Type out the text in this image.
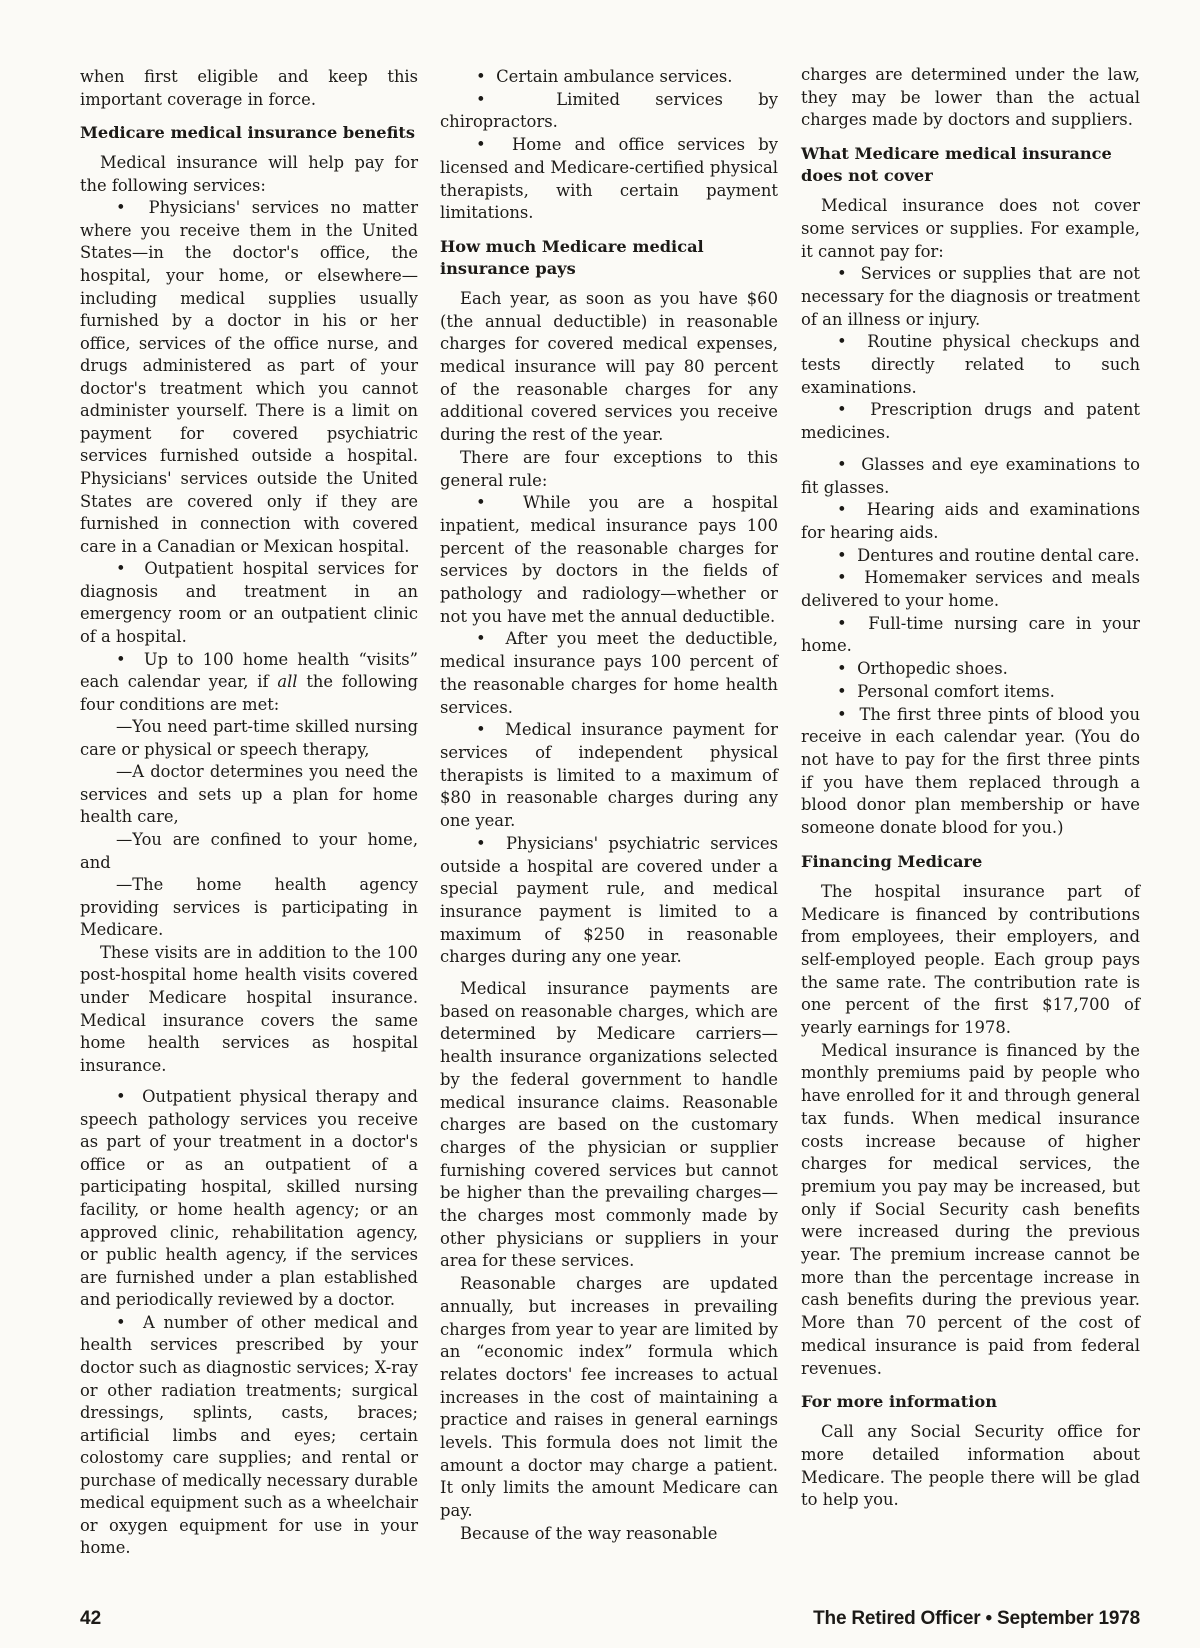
when first eligible and keep this important coverage in force.

Medicare medical insurance benefits

Medical insurance will help pay for the following services:

•  Physicians' services no matter where you receive them in the United States—in the doctor's office, the hospital, your home, or elsewhere—including medical supplies usually furnished by a doctor in his or her office, services of the office nurse, and drugs administered as part of your doctor's treatment which you cannot administer yourself. There is a limit on payment for covered psychiatric services furnished outside a hospital. Physicians' services outside the United States are covered only if they are furnished in connection with covered care in a Canadian or Mexican hospital.

•  Outpatient hospital services for diagnosis and treatment in an emergency room or an outpatient clinic of a hospital.

•  Up to 100 home health “visits” each calendar year, if all the following four conditions are met:

—You need part-time skilled nursing care or physical or speech therapy,

—A doctor determines you need the services and sets up a plan for home health care,

—You are confined to your home, and

—The home health agency providing services is participating in Medicare.

These visits are in addition to the 100 post-hospital home health visits covered under Medicare hospital insurance. Medical insurance covers the same home health services as hospital insurance.

•  Outpatient physical therapy and speech pathology services you receive as part of your treatment in a doctor's office or as an outpatient of a participating hospital, skilled nursing facility, or home health agency; or an approved clinic, rehabilitation agency, or public health agency, if the services are furnished under a plan established and periodically reviewed by a doctor.

•  A number of other medical and health services prescribed by your doctor such as diagnostic services; X-ray or other radiation treatments; surgical dressings, splints, casts, braces; artificial limbs and eyes; certain colostomy care supplies; and rental or purchase of medically necessary durable medical equipment such as a wheelchair or oxygen equipment for use in your home.

•  Certain ambulance services.

•  Limited services by chiropractors.

•  Home and office services by licensed and Medicare-certified physical therapists, with certain payment limitations.

How much Medicare medical insurance pays

Each year, as soon as you have $60 (the annual deductible) in reasonable charges for covered medical expenses, medical insurance will pay 80 percent of the reasonable charges for any additional covered services you receive during the rest of the year.

There are four exceptions to this general rule:

•  While you are a hospital inpatient, medical insurance pays 100 percent of the reasonable charges for services by doctors in the fields of pathology and radiology—whether or not you have met the annual deductible.

•  After you meet the deductible, medical insurance pays 100 percent of the reasonable charges for home health services.

•  Medical insurance payment for services of independent physical therapists is limited to a maximum of $80 in reasonable charges during any one year.

•  Physicians' psychiatric services outside a hospital are covered under a special payment rule, and medical insurance payment is limited to a maximum of $250 in reasonable charges during any one year.

Medical insurance payments are based on reasonable charges, which are determined by Medicare carriers—health insurance organizations selected by the federal government to handle medical insurance claims. Reasonable charges are based on the customary charges of the physician or supplier furnishing covered services but cannot be higher than the prevailing charges—the charges most commonly made by other physicians or suppliers in your area for these services.

Reasonable charges are updated annually, but increases in prevailing charges from year to year are limited by an “economic index” formula which relates doctors' fee increases to actual increases in the cost of maintaining a practice and raises in general earnings levels. This formula does not limit the amount a doctor may charge a patient. It only limits the amount Medicare can pay.

Because of the way reasonable

charges are determined under the law, they may be lower than the actual charges made by doctors and suppliers.

What Medicare medical insurance does not cover

Medical insurance does not cover some services or supplies. For example, it cannot pay for:

•  Services or supplies that are not necessary for the diagnosis or treatment of an illness or injury.

•  Routine physical checkups and tests directly related to such examinations.

•  Prescription drugs and patent medicines.

•  Glasses and eye examinations to fit glasses.

•  Hearing aids and examinations for hearing aids.

•  Dentures and routine dental care.

•  Homemaker services and meals delivered to your home.

•  Full-time nursing care in your home.

•  Orthopedic shoes.

•  Personal comfort items.

•  The first three pints of blood you receive in each calendar year. (You do not have to pay for the first three pints if you have them replaced through a blood donor plan membership or have someone donate blood for you.)

Financing Medicare

The hospital insurance part of Medicare is financed by contributions from employees, their employers, and self-employed people. Each group pays the same rate. The contribution rate is one percent of the first $17,700 of yearly earnings for 1978.

Medical insurance is financed by the monthly premiums paid by people who have enrolled for it and through general tax funds. When medical insurance costs increase because of higher charges for medical services, the premium you pay may be increased, but only if Social Security cash benefits were increased during the previous year. The premium increase cannot be more than the percentage increase in cash benefits during the previous year. More than 70 percent of the cost of medical insurance is paid from federal revenues.

For more information

Call any Social Security office for more detailed information about Medicare. The people there will be glad to help you.

42	The Retired Officer • September 1978
